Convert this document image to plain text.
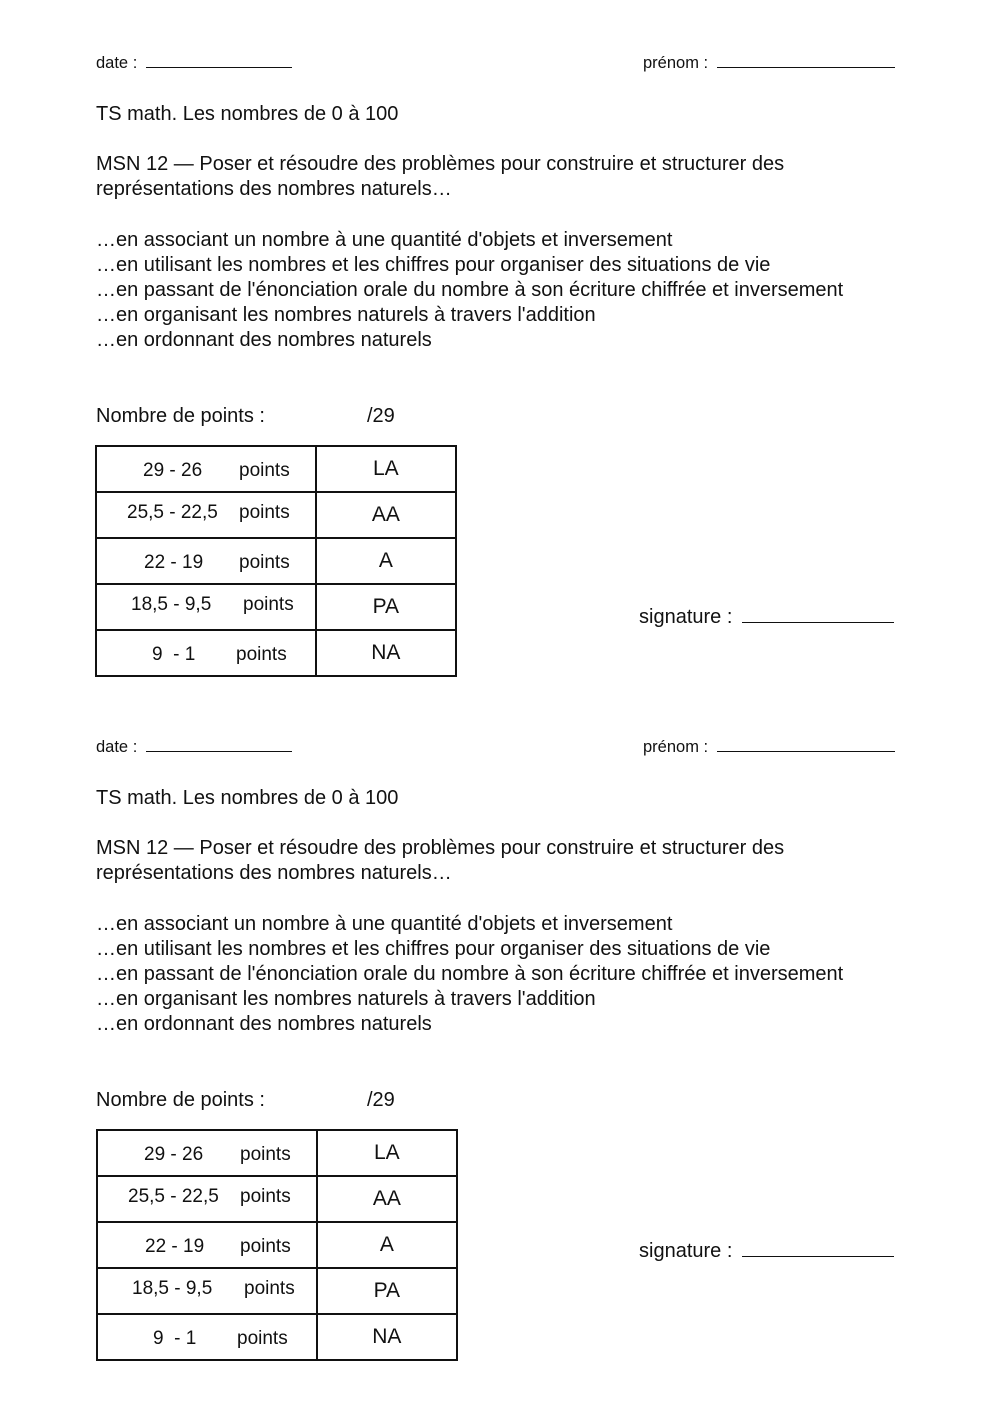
date :	prénom :
TS math. Les nombres de 0 à 100
MSN 12 — Poser et résoudre des problèmes pour construire et structurer des représentations des nombres naturels…
…en associant un nombre à une quantité d'objets et inversement
…en utilisant les nombres et les chiffres pour organiser des situations de vie
…en passant de l'énonciation orale du nombre à son écriture chiffrée et inversement
…en organisant les nombres naturels à travers l'addition
…en ordonnant des nombres naturels
Nombre de points :	/29
29 - 26 points	LA

25,5 - 22,5 points	AA

22 - 19 points	A

18,5 - 9,5 points	PA

9  - 1 points	NA
signature :
date :	prénom :
TS math. Les nombres de 0 à 100
MSN 12 — Poser et résoudre des problèmes pour construire et structurer des représentations des nombres naturels…
…en associant un nombre à une quantité d'objets et inversement
…en utilisant les nombres et les chiffres pour organiser des situations de vie
…en passant de l'énonciation orale du nombre à son écriture chiffrée et inversement
…en organisant les nombres naturels à travers l'addition
…en ordonnant des nombres naturels
Nombre de points :	/29
29 - 26 points	LA

25,5 - 22,5 points	AA

22 - 19 points	A

18,5 - 9,5 points	PA

9  - 1 points	NA
signature :
